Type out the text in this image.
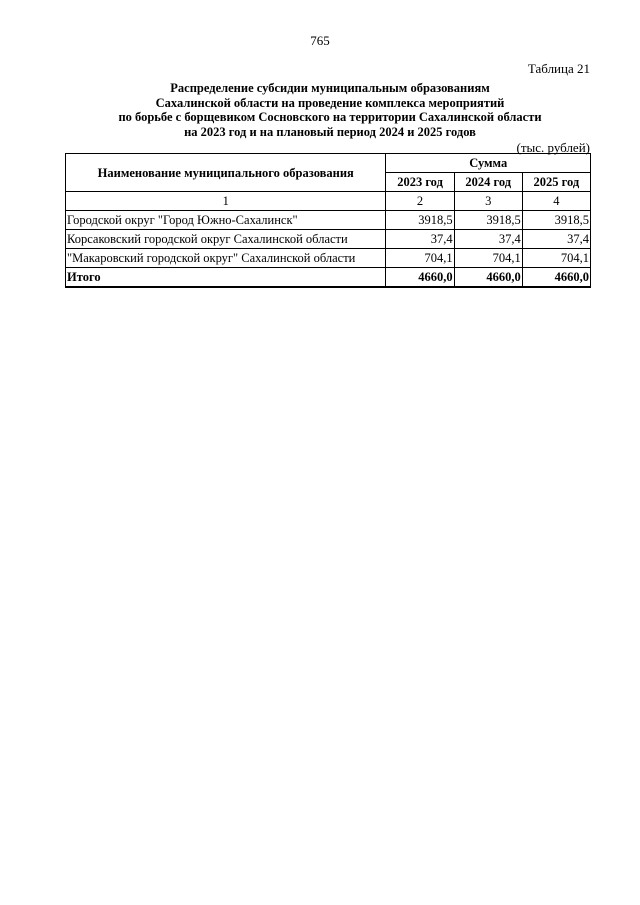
765
Таблица 21
Распределение субсидии муниципальным образованиям
Сахалинской области на проведение комплекса мероприятий
по борьбе с борщевиком Сосновского на территории Сахалинской области
на 2023 год и на плановый период 2024 и 2025 годов
(тыс. рублей)
Наименование муниципального образования	Сумма		
	2023 год	2024 год	2025 год
1	2	3	4
Городской округ "Город Южно-Сахалинск"	3918,5	3918,5	3918,5
Корсаковский городской округ Сахалинской области	37,4	37,4	37,4
"Макаровский городской округ" Сахалинской области	704,1	704,1	704,1
Итого	4660,0	4660,0	4660,0
